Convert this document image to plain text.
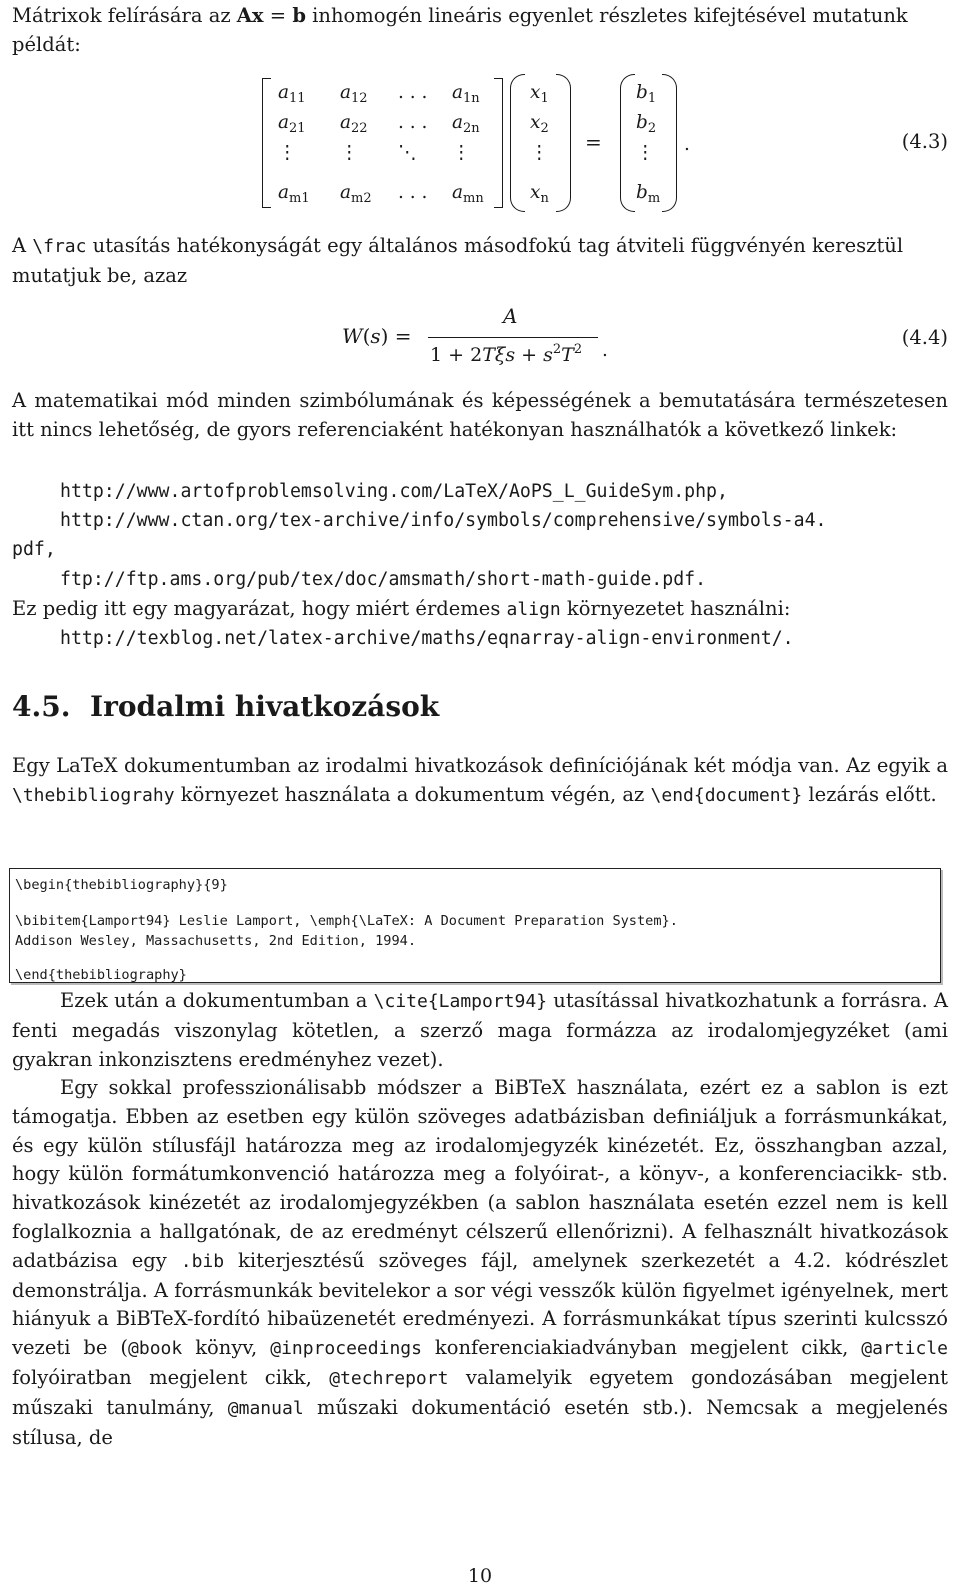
Mátrixok felírására az Ax = b inhomogén lineáris egyenlet részletes kifejtésével mutatunk példát:

=	.	(4.3)
$a_{11}$ $a_{12}$ . . . $a_{1n}$
$a_{21}$ $a_{22}$ . . . $a_{2n}$
⋮ ⋮ ⋱ ⋮
$a_{m1}$ $a_{m2}$ . . . $a_{mn}$
$x_1$
$x_2$
⋮
$x_n$
$b_1$
$b_2$
⋮
$b_m$

A \frac utasítás hatékonyságát egy általános másodfokú tag átviteli függvényén keresztül mutatjuk be, azaz

W(s) =
A
$1 + 2T\xi s + s^2T^2$ .
(4.4)

A matematikai mód minden szimbólumának és képességének a bemutatására természetesen itt nincs lehetőség, de gyors referenciaként hatékonyan használhatók a következő linkek:

http://www.artofproblemsolving.com/LaTeX/AoPS_L_GuideSym.php,
http://www.ctan.org/tex-archive/info/symbols/comprehensive/symbols-a4.
pdf,
ftp://ftp.ams.org/pub/tex/doc/amsmath/short-math-guide.pdf.

Ez pedig itt egy magyarázat, hogy miért érdemes align környezetet használni:

http://texblog.net/latex-archive/maths/eqnarray-align-environment/.
4.5. Irodalmi hivatkozások

Egy LaTeX dokumentumban az irodalmi hivatkozások definíciójának két módja van. Az egyik a \thebibliograhy környezet használata a dokumentum végén, az \end{document} lezárás előtt.

\begin{thebibliography}{9}
\bibitem{Lamport94} Leslie Lamport, \emph{\LaTeX: A Document Preparation System}.
Addison Wesley, Massachusetts, 2nd Edition, 1994.
\end{thebibliography}

Ezek után a dokumentumban a \cite{Lamport94} utasítással hivatkozhatunk a forrásra. A fenti megadás viszonylag kötetlen, a szerző maga formázza az irodalomjegyzéket (ami gyakran inkonzisztens eredményhez vezet).

Egy sokkal professzionálisabb módszer a BiBTeX használata, ezért ez a sablon is ezt támogatja. Ebben az esetben egy külön szöveges adatbázisban definiáljuk a forrásmunkákat, és egy külön stílusfájl határozza meg az irodalomjegyzék kinézetét. Ez, összhangban azzal, hogy külön formátumkonvenció határozza meg a folyóirat-, a könyv-, a konferenciacikk- stb. hivatkozások kinézetét az irodalomjegyzékben (a sablon használata esetén ezzel nem is kell foglalkoznia a hallgatónak, de az eredményt célszerű ellenőrizni). A felhasznált hivatkozások adatbázisa egy .bib kiterjesztésű szöveges fájl, amelynek szerkezetét a 4.2. kódrészlet demonstrálja. A forrásmunkák bevitelekor a sor végi vesszők külön figyelmet igényelnek, mert hiányuk a BiBTeX-fordító hibaüzenetét eredményezi. A forrásmunkákat típus szerinti kulcsszó vezeti be (@book könyv, @inproceedings konferenciakiadványban megjelent cikk, @article folyóiratban megjelent cikk, @techreport valamelyik egyetem gondozásában megjelent műszaki tanulmány, @manual műszaki dokumentáció esetén stb.). Nemcsak a megjelenés stílusa, de

10
